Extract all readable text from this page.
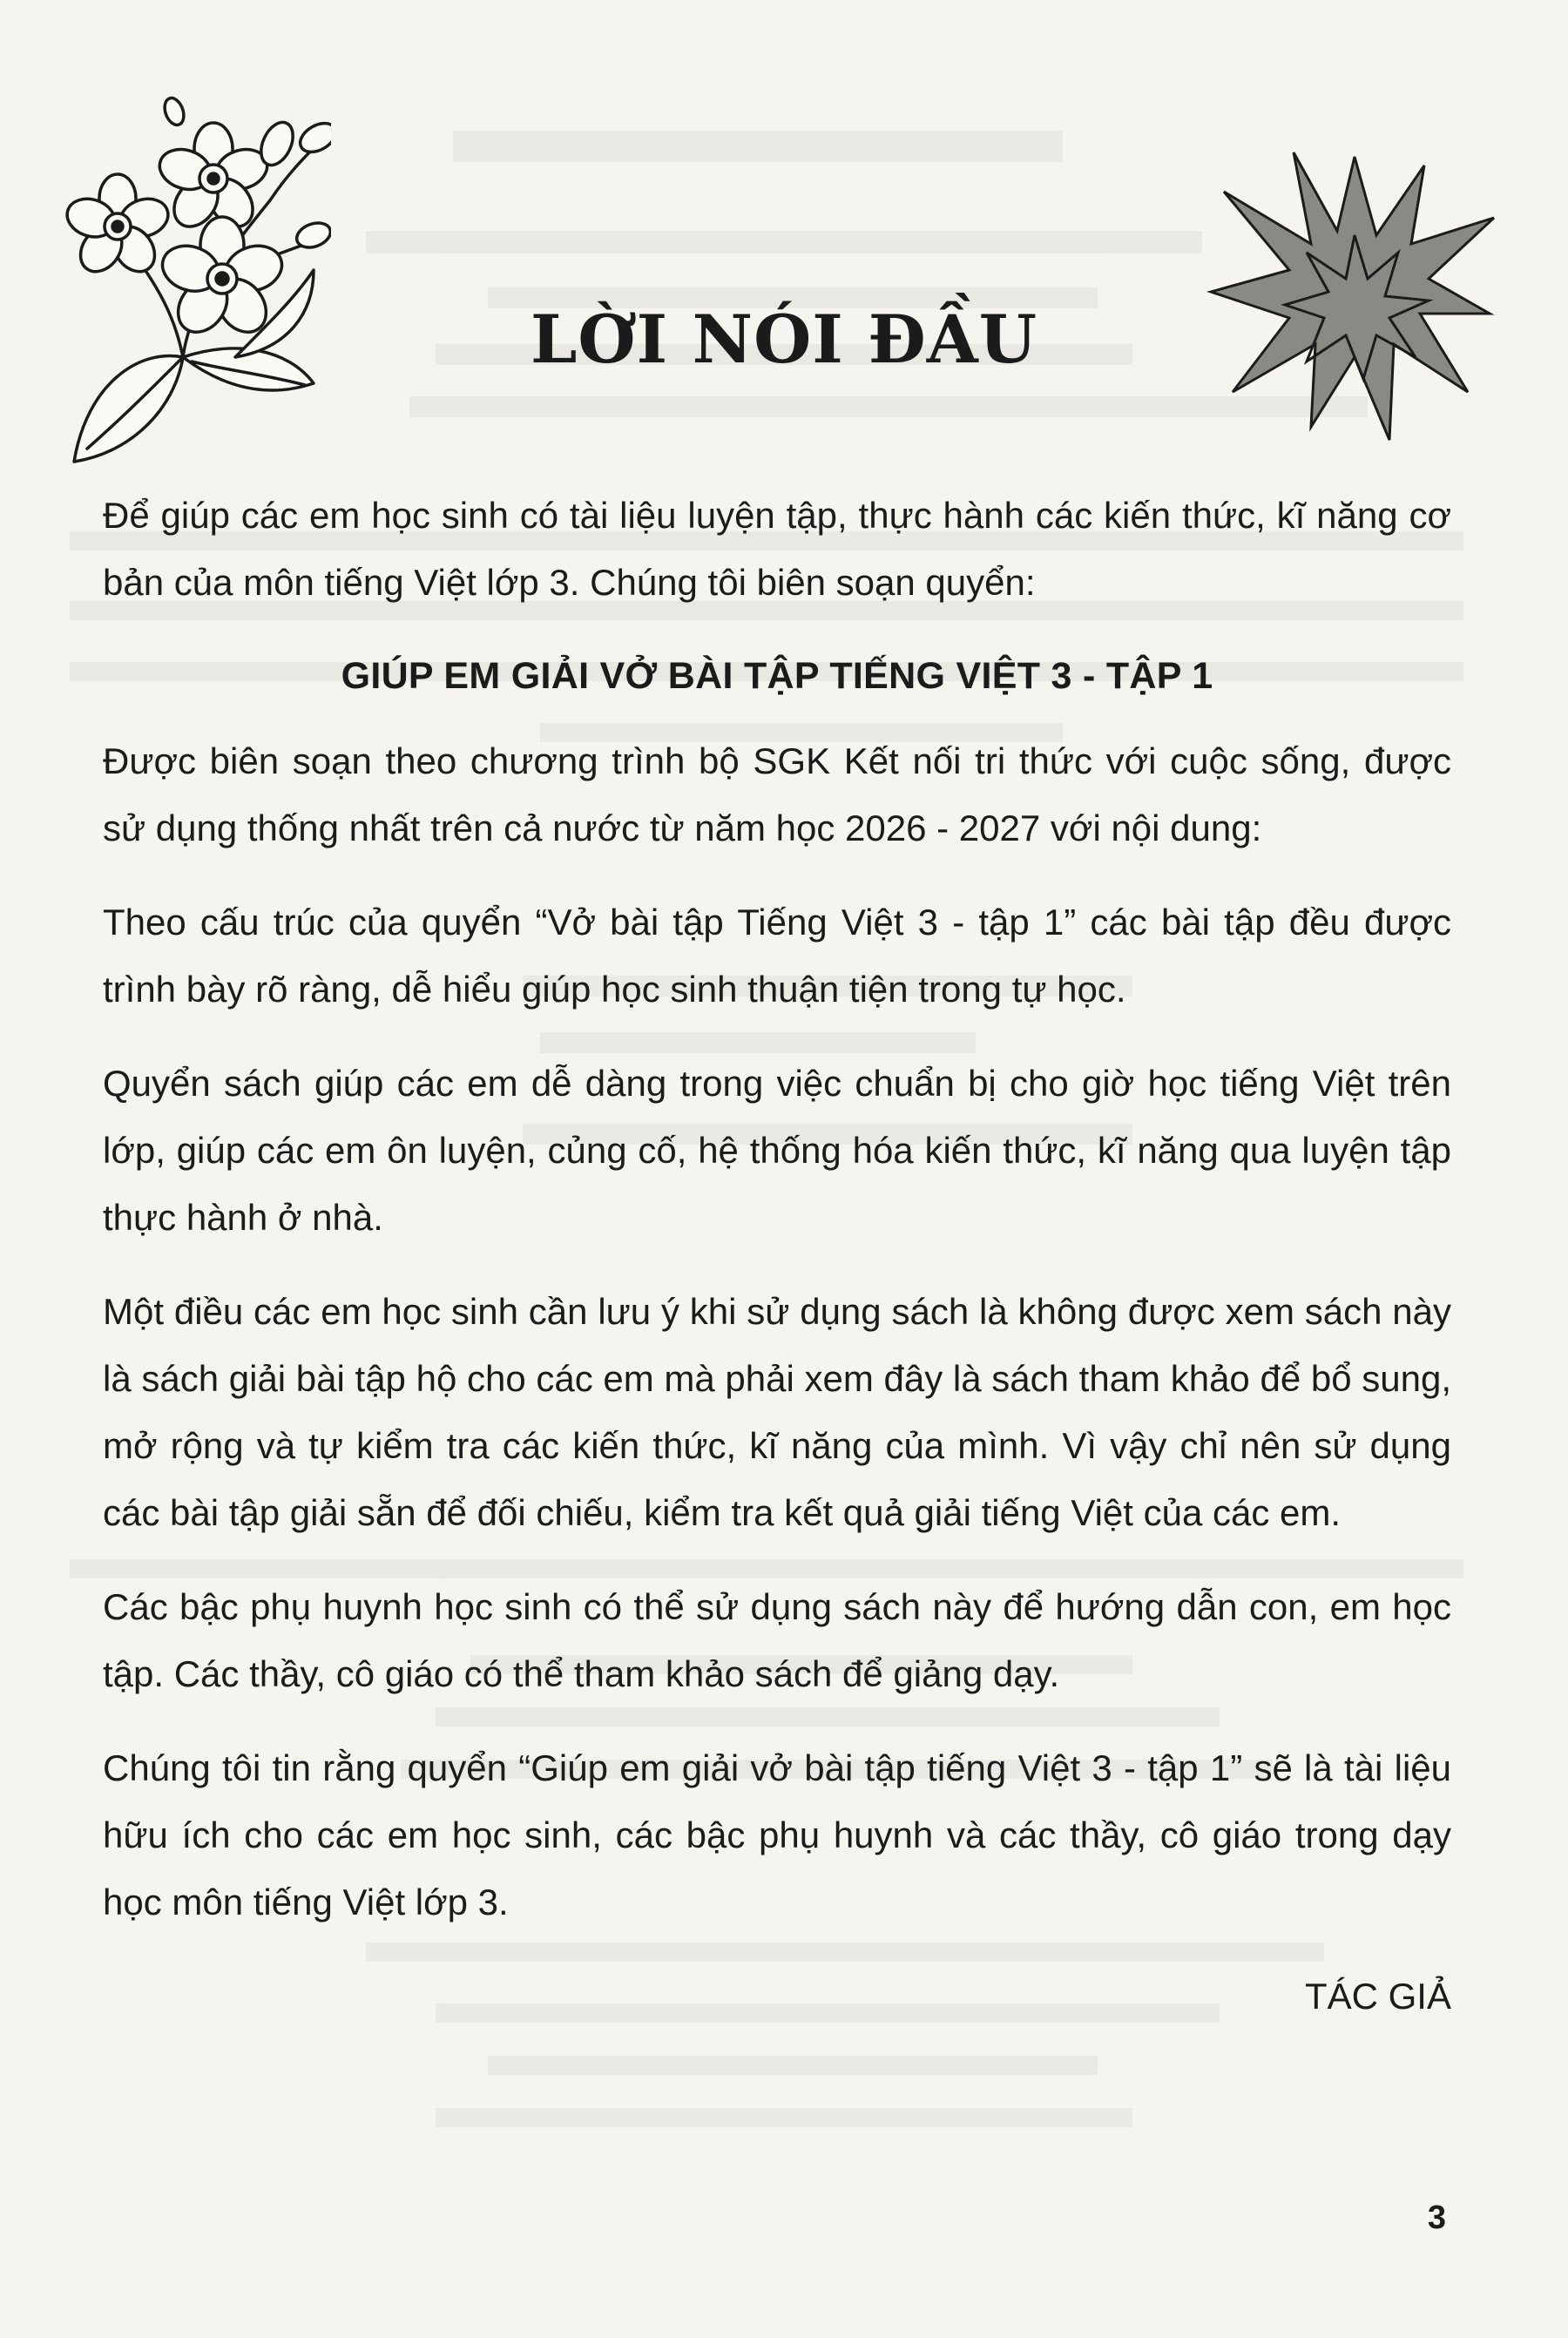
LỜI NÓI ĐẦU

Để giúp các em học sinh có tài liệu luyện tập, thực hành các kiến thức, kĩ năng cơ bản của môn tiếng Việt lớp 3. Chúng tôi biên soạn quyển:

GIÚP EM GIẢI VỞ BÀI TẬP TIẾNG VIỆT 3 - TẬP 1

Được biên soạn theo chương trình bộ SGK Kết nối tri thức với cuộc sống, được sử dụng thống nhất trên cả nước từ năm học 2026 - 2027 với nội dung:

Theo cấu trúc của quyển “Vở bài tập Tiếng Việt 3 - tập 1” các bài tập đều được trình bày rõ ràng, dễ hiểu giúp học sinh thuận tiện trong tự học.

Quyển sách giúp các em dễ dàng trong việc chuẩn bị cho giờ học tiếng Việt trên lớp, giúp các em ôn luyện, củng cố, hệ thống hóa kiến thức, kĩ năng qua luyện tập thực hành ở nhà.

Một điều các em học sinh cần lưu ý khi sử dụng sách là không được xem sách này là sách giải bài tập hộ cho các em mà phải xem đây là sách tham khảo để bổ sung, mở rộng và tự kiểm tra các kiến thức, kĩ năng của mình. Vì vậy chỉ nên sử dụng các bài tập giải sẵn để đối chiếu, kiểm tra kết quả giải tiếng Việt của các em.

Các bậc phụ huynh học sinh có thể sử dụng sách này để hướng dẫn con, em học tập. Các thầy, cô giáo có thể tham khảo sách để giảng dạy.

Chúng tôi tin rằng quyển “Giúp em giải vở bài tập tiếng Việt 3 - tập 1” sẽ là tài liệu hữu ích cho các em học sinh, các bậc phụ huynh và các thầy, cô giáo trong dạy học môn tiếng Việt lớp 3.

TÁC GIẢ

3
